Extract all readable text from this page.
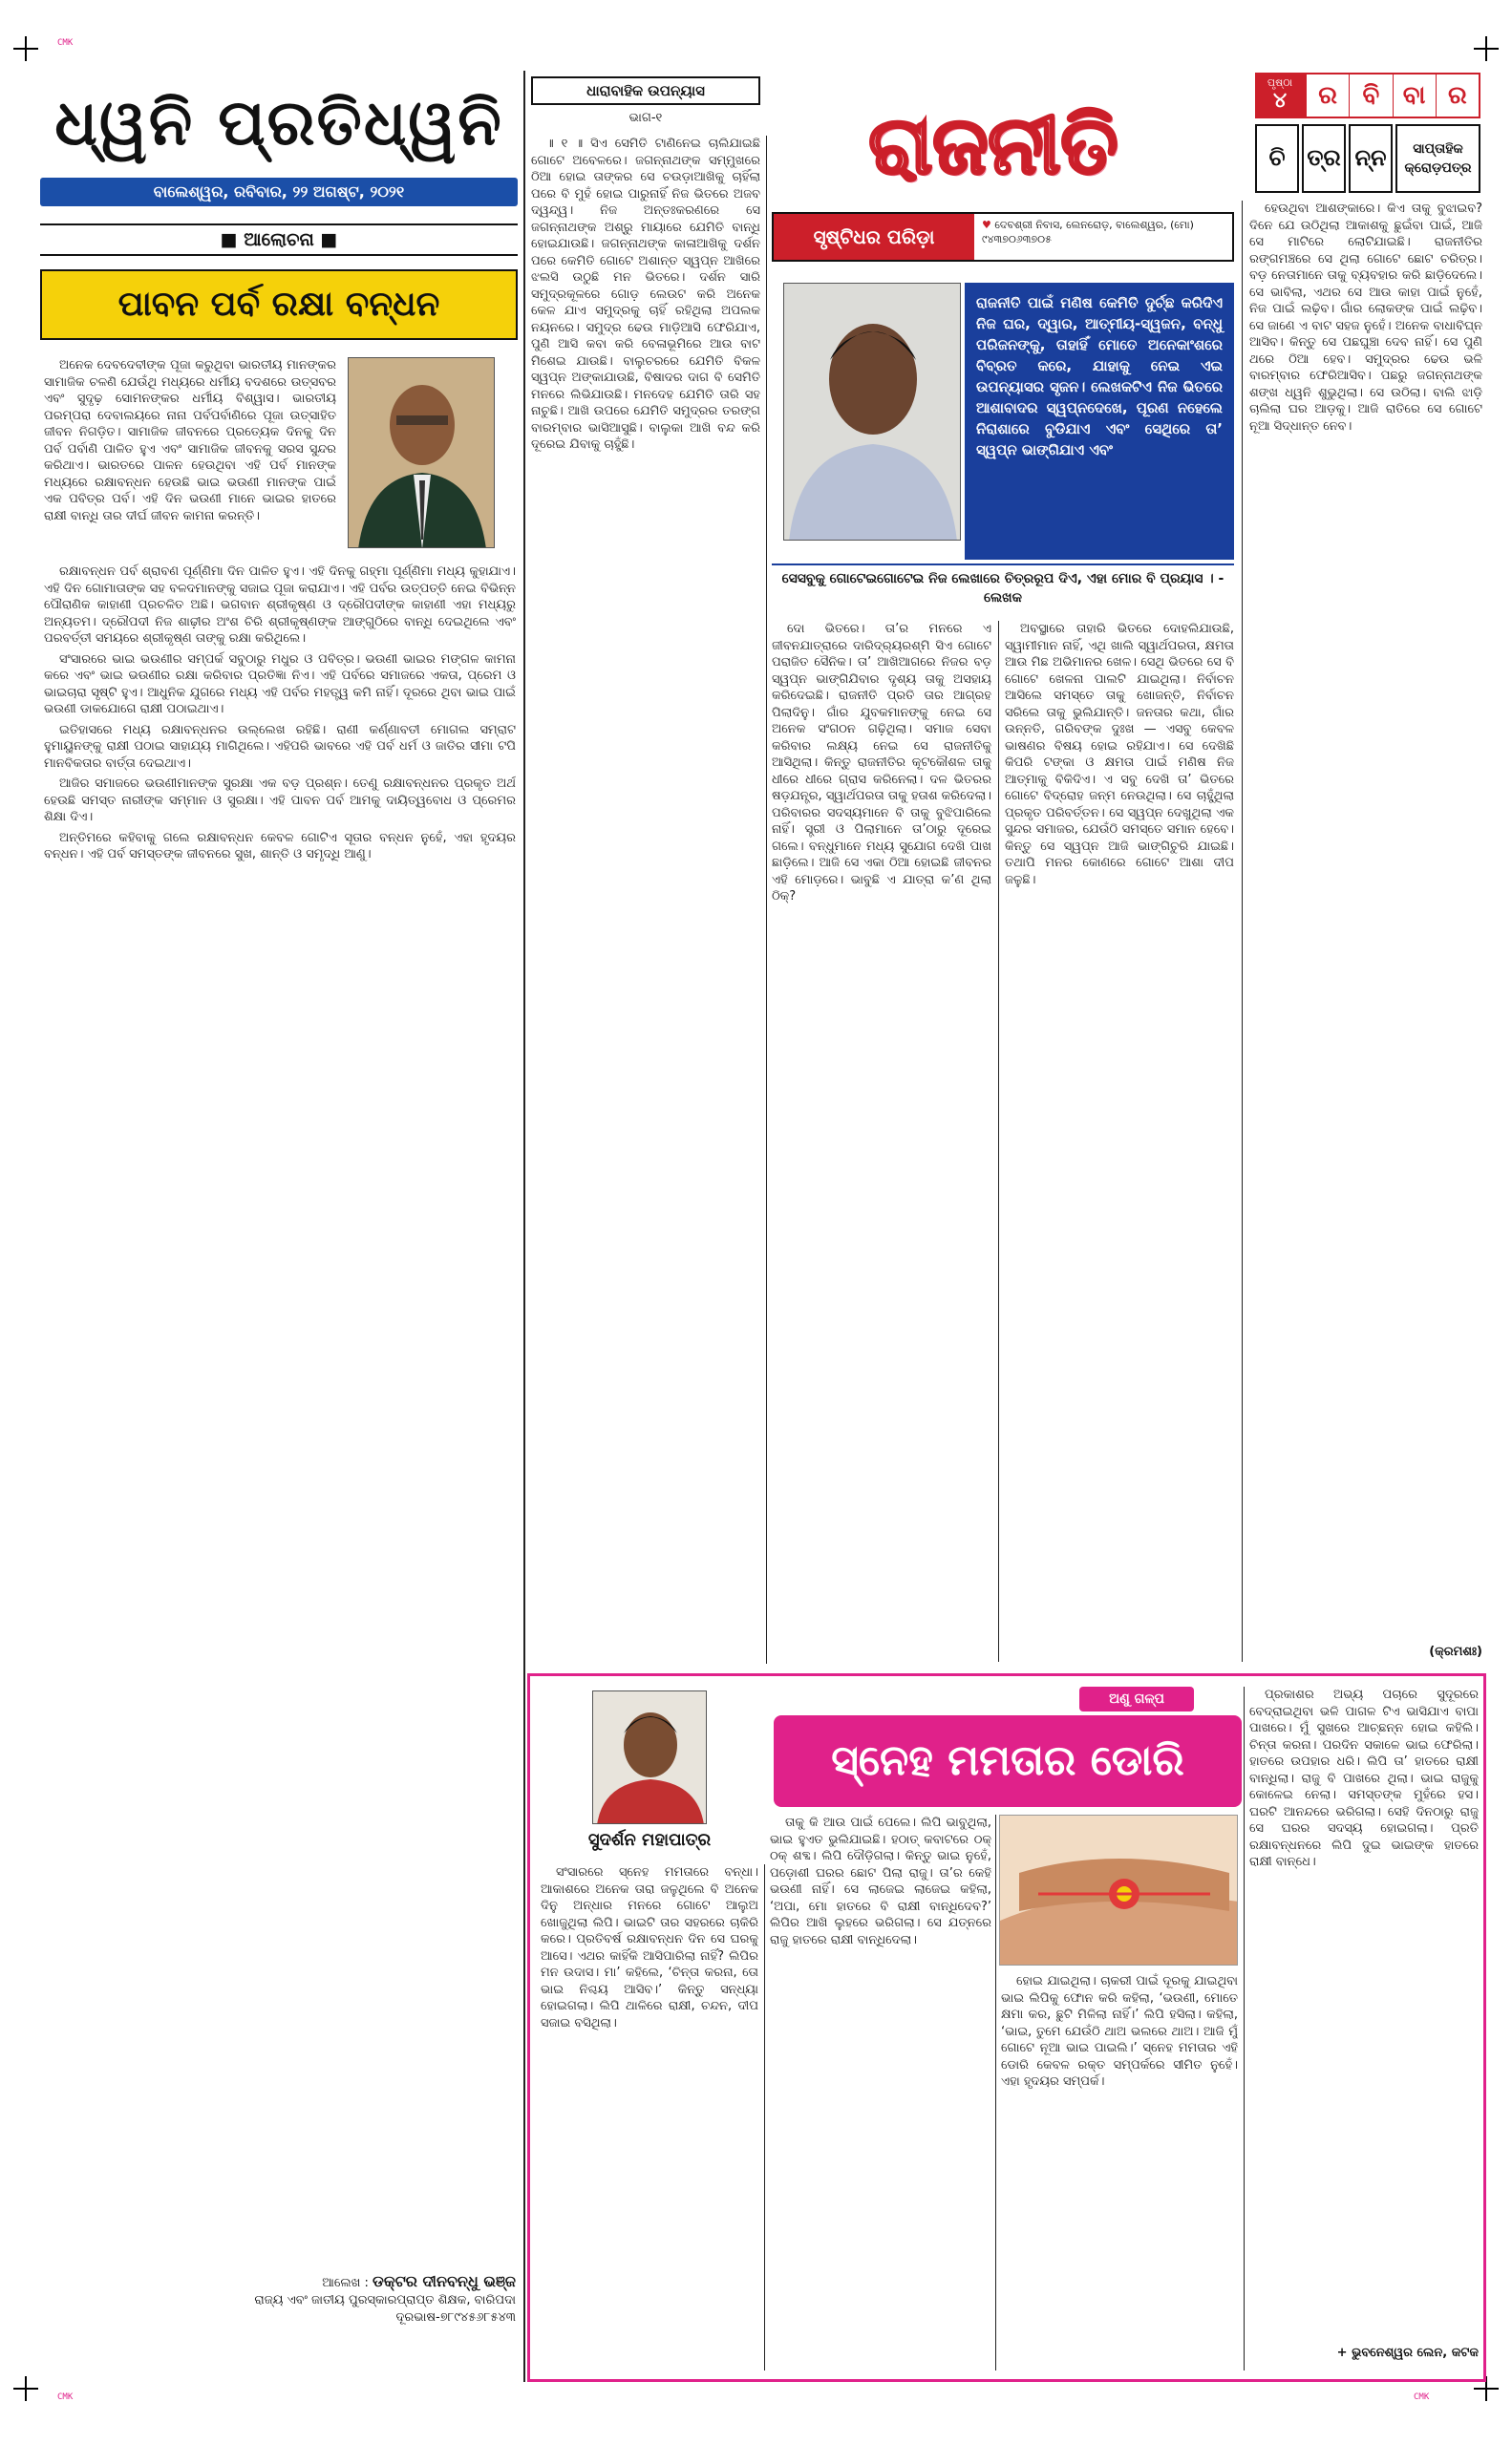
CMK
CMK	CMK
ଧ୍ୱନି ପ୍ରତିଧ୍ୱନି
ବାଲେଶ୍ୱର, ରବିବାର, ୨୨ ଅଗଷ୍ଟ, ୨୦୨୧
■ ଆଲୋଚନା ■
ପାବନ ପର୍ବ ରକ୍ଷା ବନ୍ଧନ

ଅନେକ ଦେବଦେବୀଙ୍କ ପୂଜା କରୁଥିବା ଭାରତୀୟ ମାନଙ୍କର ସାମାଜିକ ଚଳଣି ଯେଉଁଥି ମଧ୍ୟରେ ଧର୍ମୀୟ ବଦଶରେ ଉତ୍ସବର ଏବଂ ସୁଦୃଢ଼ ସୋମନଙ୍କର ଧର୍ମୀୟ ବିଶ୍ୱାସ। ଭାରତୀୟ ପରମ୍ପରା ଦେବାଲୟରେ ନାନା ପର୍ବପର୍ବାଣିରେ ପୂଜା ଉତ୍ସାହିତ ଜୀବନ ନିଗଡ଼ିତ। ସାମାଜିକ ଜୀବନରେ ପ୍ରତ୍ୟେକ ଦିନକୁ ଦିନ ପର୍ବ ପର୍ବାଣି ପାଳିତ ହୁଏ ଏବଂ ସାମାଜିକ ଜୀବନକୁ ସରସ ସୁନ୍ଦର କରିଥାଏ। ଭାରତରେ ପାଳନ ହେଉଥିବା ଏହି ପର୍ବ ମାନଙ୍କ ମଧ୍ୟରେ ରକ୍ଷାବନ୍ଧନ ହେଉଛି ଭାଇ ଭଉଣୀ ମାନଙ୍କ ପାଇଁ ଏକ ପବିତ୍ର ପର୍ବ। ଏହି ଦିନ ଭଉଣୀ ମାନେ ଭାଇର ହାତରେ ରାକ୍ଷୀ ବାନ୍ଧି ତାର ଦୀର୍ଘ ଜୀବନ କାମନା କରନ୍ତି।

ରକ୍ଷାବନ୍ଧନ ପର୍ବ ଶ୍ରାବଣ ପୂର୍ଣ୍ଣିମା ଦିନ ପାଳିତ ହୁଏ। ଏହି ଦିନକୁ ଗହ୍ମା ପୂର୍ଣ୍ଣିମା ମଧ୍ୟ କୁହାଯାଏ। ଏହି ଦିନ ଗୋମାତାଙ୍କ ସହ ବଳଦମାନଙ୍କୁ ସଜାଇ ପୂଜା କରାଯାଏ। ଏହି ପର୍ବର ଉତ୍ପତ୍ତି ନେଇ ବିଭିନ୍ନ ପୌରାଣିକ କାହାଣୀ ପ୍ରଚଳିତ ଅଛି। ଭଗବାନ ଶ୍ରୀକୃଷ୍ଣ ଓ ଦ୍ରୌପଦୀଙ୍କ କାହାଣୀ ଏହା ମଧ୍ୟରୁ ଅନ୍ୟତମ। ଦ୍ରୌପଦୀ ନିଜ ଶାଢ଼ୀର ଅଂଶ ଚିରି ଶ୍ରୀକୃଷ୍ଣଙ୍କ ଆଙ୍ଗୁଠିରେ ବାନ୍ଧି ଦେଇଥିଲେ ଏବଂ ପରବର୍ତ୍ତୀ ସମୟରେ ଶ୍ରୀକୃଷ୍ଣ ତାଙ୍କୁ ରକ୍ଷା କରିଥିଲେ।

ସଂସାରରେ ଭାଇ ଭଉଣୀର ସମ୍ପର୍କ ସବୁଠାରୁ ମଧୁର ଓ ପବିତ୍ର। ଭଉଣୀ ଭାଇର ମଙ୍ଗଳ କାମନା କରେ ଏବଂ ଭାଇ ଭଉଣୀର ରକ୍ଷା କରିବାର ପ୍ରତିଜ୍ଞା ନିଏ। ଏହି ପର୍ବରେ ସମାଜରେ ଏକତା, ପ୍ରେମ ଓ ଭାଇଚାରା ସୃଷ୍ଟି ହୁଏ। ଆଧୁନିକ ଯୁଗରେ ମଧ୍ୟ ଏହି ପର୍ବର ମହତ୍ତ୍ୱ କମି ନାହିଁ। ଦୂରରେ ଥିବା ଭାଇ ପାଇଁ ଭଉଣୀ ଡାକଯୋଗେ ରାକ୍ଷୀ ପଠାଇଥାଏ।

ଇତିହାସରେ ମଧ୍ୟ ରକ୍ଷାବନ୍ଧନର ଉଲ୍ଲେଖ ରହିଛି। ରାଣୀ କର୍ଣ୍ଣାବତୀ ମୋଗଲ ସମ୍ରାଟ ହୁମାୟୁନଙ୍କୁ ରାକ୍ଷୀ ପଠାଇ ସାହାଯ୍ୟ ମାଗିଥିଲେ। ଏହିପରି ଭାବରେ ଏହି ପର୍ବ ଧର୍ମ ଓ ଜାତିର ସୀମା ଟପି ମାନବିକତାର ବାର୍ତ୍ତା ଦେଇଥାଏ।

ଆଜିର ସମାଜରେ ଭଉଣୀମାନଙ୍କ ସୁରକ୍ଷା ଏକ ବଡ଼ ପ୍ରଶ୍ନ। ତେଣୁ ରକ୍ଷାବନ୍ଧନର ପ୍ରକୃତ ଅର୍ଥ ହେଉଛି ସମସ୍ତ ନାରୀଙ୍କ ସମ୍ମାନ ଓ ସୁରକ୍ଷା। ଏହି ପାବନ ପର୍ବ ଆମକୁ ଦାୟିତ୍ୱବୋଧ ଓ ପ୍ରେମର ଶିକ୍ଷା ଦିଏ।

ଅନ୍ତିମରେ କହିବାକୁ ଗଲେ ରକ୍ଷାବନ୍ଧନ କେବଳ ଗୋଟିଏ ସୂତାର ବନ୍ଧନ ନୁହେଁ, ଏହା ହୃଦୟର ବନ୍ଧନ। ଏହି ପର୍ବ ସମସ୍ତଙ୍କ ଜୀବନରେ ସୁଖ, ଶାନ୍ତି ଓ ସମୃଦ୍ଧି ଆଣୁ।

ଆଲେଖ : ଡକ୍ଟର ଦୀନବନ୍ଧୁ ଭଞ୍ଜ
ରାଜ୍ୟ ଏବଂ ଜାତୀୟ ପୁରସ୍କାରପ୍ରାପ୍ତ ଶିକ୍ଷକ, ବାରିପଦା
ଦୂରଭାଷ-୭୮୯୪୫୬୮୫୪୩
ଧାରାବାହିକ ଉପନ୍ୟାସ
ଭାଗ-୧	ରାଜନୀତି
ପୃଷ୍ଠା
୪	ର	ବି ବା ର
ଚି ତ୍ର ନ୍ନ	ସାପ୍ତାହିକ କ୍ରୋଡ଼ପତ୍ର
ସୃଷ୍ଟିଧର ପରିଡ଼ା
♥ ଦେବଶ୍ରୀ ନିବାସ, ଲେନରୋଡ଼, ବାଲେଶ୍ୱର, (ମୋ) ୯୪୩୭୦୬୩୭୦୫
ରାଜନୀତି ପାଇଁ ମଣିଷ କେମିତି ଦୁର୍ଚ୍ଛ କରିଦିଏ ନିଜ ଘର, ଦ୍ୱାର, ଆତ୍ମୀୟ-ସ୍ୱଜନ, ବନ୍ଧୁ ପରିଜନଙ୍କୁ, ତାହାହିଁ ମୋତେ ଅନେକାଂଶରେ ବିବ୍ରତ କରେ, ଯାହାକୁ ନେଇ ଏଇ ଉପନ୍ୟାସର ସୃଜନ। ଲେଖକଟିଏ ନିଜ ଭିତରେ ଆଶାବାଦର ସ୍ୱପ୍ନଦେଖେ, ପୂରଣ ନହେଲେ ନିରାଶାରେ ବୁଡିଯାଏ ଏବଂ ସେଥିରେ ତା’ ସ୍ୱପ୍ନ ଭାଙ୍ଗିଯାଏ ଏବଂ
ସେସବୁକୁ ଗୋଟେଇଗୋଟେଇ ନିଜ ଲେଖାରେ ଚିତ୍ରରୂପ ଦିଏ, ଏହା ମୋର ବି ପ୍ରୟାସ । - ଲେଖକ

॥ ୧ ॥ ସିଏ ସେମିତି ଟାଣିନେଇ ଚାଲିଯାଇଛି ଗୋଟେ ଅବେଳରେ। ଜଗନ୍ନାଥଙ୍କ ସମ୍ମୁଖରେ ଠିଆ ହୋଇ ତାଙ୍କର ସେ ଚଉଡ଼ାଆଖିକୁ ଚାହିଁଲା ପରେ ବି ମୁହଁ ହୋଇ ପାରୁନାହିଁ ନିଜ ଭିତରେ ଅଜବ ଦ୍ୱନ୍ଦ୍ୱ। ନିଜ ଅନ୍ତଃକରଣରେ ସେ ଜଗନ୍ନାଥଙ୍କ ଅଶ୍ରୁ ମାୟାରେ ଯେମିତି ବାନ୍ଧି ହୋଇଯାଉଛି। ଜଗନ୍ନାଥଙ୍କ କାଳାଆଖିକୁ ଦର୍ଶନ ପରେ କେମିତି ଗୋଟେ ଅଶାନ୍ତ ସ୍ୱପ୍ନ ଆଖିରେ ଝଲସି ଉଠୁଛି ମନ ଭିତରେ। ଦର୍ଶନ ସାରି ସମୁଦ୍ରକୂଳରେ ଗୋଡ଼ ଲେଉଟ କରି ଅନେକ କେଳ ଯାଏ ସମୁଦ୍ରକୁ ଚାହିଁ ରହିଥିଲା ଅପଲକ ନୟନରେ। ସମୁଦ୍ର ଢେଉ ମାଡ଼ିଆସି ଫେରିଯାଏ, ପୁଣି ଆସି କବା କରି ବେଳାଭୂମିରେ ଆଉ ବାଟ ମିଶେଇ ଯାଉଛି। ବାଲୁଚରରେ ଯେମିତି ବିକଳ ସ୍ୱପ୍ନ ଅଙ୍କାଯାଉଛି, ବିଷାଦର ଦାଗ ବି ସେମିତି ମନରେ ଲିଭିଯାଉଛି। ମନଦେହ ଯେମିତି ତାରି ସହ ନାଚୁଛି। ଆଖି ଉପରେ ଯେମିତି ସମୁଦ୍ରର ତରଙ୍ଗ ବାରମ୍ବାର ଭାସିଆସୁଛି। ବାଲୁକା ଆଖି ବନ୍ଦ କରି ଦୂରେଇ ଯିବାକୁ ଚାହୁଁଛି।

ଦୋ ଭିତରେ। ତା’ର ମନରେ ଏ ଜୀବନଯାତ୍ରାରେ ଦାରିଦ୍ର୍ୟରଶ୍ମି ସିଏ ଗୋଟେ ପରାଜିତ ସୈନିକ। ତା’ ଆଖିଆଗରେ ନିଜର ବଡ଼ ସ୍ୱପ୍ନ ଭାଙ୍ଗିଯିବାର ଦୃଶ୍ୟ ତାକୁ ଅସହାୟ କରିଦେଇଛି। ରାଜନୀତି ପ୍ରତି ତାର ଆଗ୍ରହ ପିଲାଦିନୁ। ଗାଁର ଯୁବକମାନଙ୍କୁ ନେଇ ସେ ଅନେକ ସଂଗଠନ ଗଢ଼ିଥିଲା। ସମାଜ ସେବା କରିବାର ଲକ୍ଷ୍ୟ ନେଇ ସେ ରାଜନୀତିକୁ ଆସିଥିଲା। କିନ୍ତୁ ରାଜନୀତିର କୂଟକୌଶଳ ତାକୁ ଧୀରେ ଧୀରେ ଗ୍ରାସ କରିନେଲା। ଦଳ ଭିତରର ଷଡ଼ଯନ୍ତ୍ର, ସ୍ୱାର୍ଥପରତା ତାକୁ ହତାଶ କରିଦେଲା। ପରିବାରର ସଦସ୍ୟମାନେ ବି ତାକୁ ବୁଝିପାରିଲେ ନାହିଁ। ସ୍ତ୍ରୀ ଓ ପିଲାମାନେ ତା’ଠାରୁ ଦୂରେଇ ଗଲେ। ବନ୍ଧୁମାନେ ମଧ୍ୟ ସୁଯୋଗ ଦେଖି ପାଖ ଛାଡ଼ିଲେ। ଆଜି ସେ ଏକା ଠିଆ ହୋଇଛି ଜୀବନର ଏହି ମୋଡ଼ରେ। ଭାବୁଛି ଏ ଯାତ୍ରା କ’ଣ ଥିଲା ଠିକ୍?

ଅବସ୍ଥାରେ ତାହାରି ଭିତରେ ଦୋହଲିଯାଉଛି, ସ୍ୱାମୀମାନ ନାହିଁ, ଏଥି ଖାଲି ସ୍ୱାର୍ଥପରତା, କ୍ଷମତା ଆଉ ମିଛ ଅଭିମାନର ଖେଳ। ସେଥି ଭିତରେ ସେ ବି ଗୋଟେ ଖେଳନା ପାଲଟି ଯାଇଥିଲା। ନିର୍ବାଚନ ଆସିଲେ ସମସ୍ତେ ତାକୁ ଖୋଜନ୍ତି, ନିର୍ବାଚନ ସରିଲେ ତାକୁ ଭୁଲିଯାନ୍ତି। ଜନତାର କଥା, ଗାଁର ଉନ୍ନତି, ଗରିବଙ୍କ ଦୁଃଖ — ଏସବୁ କେବଳ ଭାଷଣର ବିଷୟ ହୋଇ ରହିଯାଏ। ସେ ଦେଖିଛି କିପରି ଟଙ୍କା ଓ କ୍ଷମତା ପାଇଁ ମଣିଷ ନିଜ ଆତ୍ମାକୁ ବିକିଦିଏ। ଏ ସବୁ ଦେଖି ତା’ ଭିତରେ ଗୋଟେ ବିଦ୍ରୋହ ଜନ୍ମ ନେଉଥିଲା। ସେ ଚାହୁଁଥିଲା ପ୍ରକୃତ ପରିବର୍ତ୍ତନ। ସେ ସ୍ୱପ୍ନ ଦେଖୁଥିଲା ଏକ ସୁନ୍ଦର ସମାଜର, ଯେଉଁଠି ସମସ୍ତେ ସମାନ ହେବେ। କିନ୍ତୁ ସେ ସ୍ୱପ୍ନ ଆଜି ଭାଙ୍ଗିଚୁରି ଯାଇଛି। ତଥାପି ମନର କୋଣରେ ଗୋଟେ ଆଶା ଦୀପ ଜଳୁଛି।

ହେଉଥିବା ଆଶଙ୍କାରେ। କିଏ ତାକୁ ବୁଝାଇବ? ଦିନେ ଯେ ଉଠିଥିଲା ଆକାଶକୁ ଛୁଇଁବା ପାଇଁ, ଆଜି ସେ ମାଟିରେ ଲୋଟିଯାଇଛି। ରାଜନୀତିର ରଙ୍ଗମଞ୍ଚରେ ସେ ଥିଲା ଗୋଟେ ଛୋଟ ଚରିତ୍ର। ବଡ଼ ନେତାମାନେ ତାକୁ ବ୍ୟବହାର କରି ଛାଡ଼ିଦେଲେ। ସେ ଭାବିଲା, ଏଥର ସେ ଆଉ କାହା ପାଇଁ ନୁହେଁ, ନିଜ ପାଇଁ ଲଢ଼ିବ। ଗାଁର ଲୋକଙ୍କ ପାଇଁ ଲଢ଼ିବ। ସେ ଜାଣେ ଏ ବାଟ ସହଜ ନୁହେଁ। ଅନେକ ବାଧାବିଘ୍ନ ଆସିବ। କିନ୍ତୁ ସେ ପଛଘୁଞ୍ଚା ଦେବ ନାହିଁ। ସେ ପୁଣି ଥରେ ଠିଆ ହେବ। ସମୁଦ୍ରର ଢେଉ ଭଳି ବାରମ୍ବାର ଫେରିଆସିବ। ପଛରୁ ଜଗନ୍ନାଥଙ୍କ ଶଙ୍ଖ ଧ୍ୱନି ଶୁଭୁଥିଲା। ସେ ଉଠିଲା। ବାଲି ଝାଡ଼ି ଚାଲିଲା ଘର ଆଡ଼କୁ। ଆଜି ରାତିରେ ସେ ଗୋଟେ ନୂଆ ସିଦ୍ଧାନ୍ତ ନେବ।

(କ୍ରମଶଃ)
ସୁଦର୍ଶନ ମହାପାତ୍ର
ଅଣୁ ଗଳ୍ପ
ସ୍ନେହ ମମତାର ଡୋରି

ସଂସାରରେ ସ୍ନେହ ମମତାରେ ବନ୍ଧା। ଆକାଶରେ ଅନେକ ତାରା ଜଳୁଥିଲେ ବି ଅନେକ ଦିନୁ ଅନ୍ଧାର ମନରେ ଗୋଟେ ଆଲୁଅ ଖୋଜୁଥିଲା ଲିପି। ଭାଇଟି ତାର ସହରରେ ଚାକିରି କରେ। ପ୍ରତିବର୍ଷ ରକ୍ଷାବନ୍ଧନ ଦିନ ସେ ଘରକୁ ଆସେ। ଏଥର କାହିଁକି ଆସିପାରିଲା ନାହିଁ? ଲିପିର ମନ ଉଦାସ। ମା’ କହିଲେ, ‘ଚିନ୍ତା କରନା, ତୋ ଭାଇ ନିଶ୍ଚୟ ଆସିବ।’ କିନ୍ତୁ ସନ୍ଧ୍ୟା ହୋଇଗଲା। ଲିପି ଥାଳିରେ ରାକ୍ଷୀ, ଚନ୍ଦନ, ଦୀପ ସଜାଇ ବସିଥିଲା।

ତାକୁ କି ଆଉ ପାଇଁ ପେଲେ। ଲିପି ଭାବୁଥିଲା, ଭାଇ ହୁଏତ ଭୁଲିଯାଇଛି। ହଠାତ୍ କବାଟରେ ଠକ୍ ଠକ୍ ଶବ୍ଦ। ଲିପି ଦୌଡ଼ିଗଲା। କିନ୍ତୁ ଭାଇ ନୁହେଁ, ପଡ଼ୋଶୀ ଘରର ଛୋଟ ପିଲା ରାଜୁ। ତା’ର କେହି ଭଉଣୀ ନାହିଁ। ସେ ଲାଜେଇ ଲାଜେଇ କହିଲା, ‘ଅପା, ମୋ ହାତରେ ବି ରାକ୍ଷୀ ବାନ୍ଧିଦେବ?’ ଲିପିର ଆଖି ଲୁହରେ ଭରିଗଲା। ସେ ଯତ୍ନରେ ରାଜୁ ହାତରେ ରାକ୍ଷୀ ବାନ୍ଧିଦେଲା।

ହୋଇ ଯାଇଥିଲା। ଚାକରୀ ପାଇଁ ଦୂରକୁ ଯାଇଥିବା ଭାଇ ଲିପିକୁ ଫୋନ କରି କହିଲା, ‘ଭଉଣୀ, ମୋତେ କ୍ଷମା କର, ଛୁଟି ମିଳିଲା ନାହିଁ।’ ଲିପି ହସିଲା। କହିଲା, ‘ଭାଇ, ତୁମେ ଯେଉଁଠି ଥାଅ ଭଲରେ ଥାଅ। ଆଜି ମୁଁ ଗୋଟେ ନୂଆ ଭାଇ ପାଇଲି।’ ସ୍ନେହ ମମତାର ଏହି ଡୋରି କେବଳ ରକ୍ତ ସମ୍ପର୍କରେ ସୀମିତ ନୁହେଁ। ଏହା ହୃଦୟର ସମ୍ପର୍କ।

ପ୍ରକାଶର ଅଭ୍ୟ ପଚାରେ ସୁଦୂରରେ ବେଦ୍ରାଇଥିବା ଭଳି ପାଗଳ ଟିଏ ଭାସିଯାଏ ବାପା ପାଖରେ। ମୁଁ ସୁଖରେ ଆଚ୍ଛନ୍ନ ହୋଇ କହିଲି। ଚିନ୍ତା କରନା। ପରଦିନ ସକାଳେ ଭାଇ ଫେରିଲା। ହାତରେ ଉପହାର ଧରି। ଲିପି ତା’ ହାତରେ ରାକ୍ଷୀ ବାନ୍ଧିଲା। ରାଜୁ ବି ପାଖରେ ଥିଲା। ଭାଇ ରାଜୁକୁ କୋଳେଇ ନେଲା। ସମସ୍ତଙ୍କ ମୁହଁରେ ହସ। ଘରଟି ଆନନ୍ଦରେ ଭରିଗଲା। ସେହି ଦିନଠାରୁ ରାଜୁ ସେ ଘରର ସଦସ୍ୟ ହୋଇଗଲା। ପ୍ରତି ରକ୍ଷାବନ୍ଧନରେ ଲିପି ଦୁଇ ଭାଇଙ୍କ ହାତରେ ରାକ୍ଷୀ ବାନ୍ଧେ।

+ ଭୁବନେଶ୍ୱର ଲେନ, କଟକ
